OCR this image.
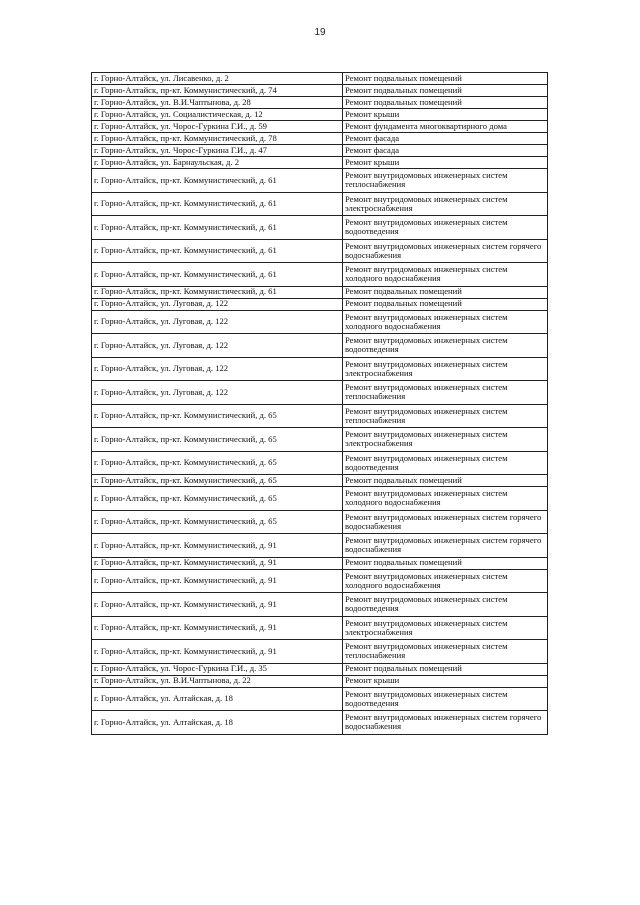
19
г. Горно-Алтайск, ул. Лисавенко, д. 2	Ремонт подвальных помещений
г. Горно-Алтайск, пр-кт. Коммунистический, д. 74	Ремонт подвальных помещений
г. Горно-Алтайск, ул. В.И.Чаптынова, д. 28	Ремонт подвальных помещений
г. Горно-Алтайск, ул. Социалистическая, д. 12	Ремонт крыши
г. Горно-Алтайск, ул. Чорос-Гуркина Г.И., д. 59	Ремонт фундамента многоквартирного дома
г. Горно-Алтайск, пр-кт. Коммунистический, д. 78	Ремонт фасада
г. Горно-Алтайск, ул. Чорос-Гуркина Г.И., д. 47	Ремонт фасада
г. Горно-Алтайск, ул. Барнаульская, д. 2	Ремонт крыши
г. Горно-Алтайск, пр-кт. Коммунистический, д. 61	Ремонт внутридомовых инженерных систем теплоснабжения
г. Горно-Алтайск, пр-кт. Коммунистический, д. 61	Ремонт внутридомовых инженерных систем электроснабжения
г. Горно-Алтайск, пр-кт. Коммунистический, д. 61	Ремонт внутридомовых инженерных систем водоотведения
г. Горно-Алтайск, пр-кт. Коммунистический, д. 61	Ремонт внутридомовых инженерных систем горячего водоснабжения
г. Горно-Алтайск, пр-кт. Коммунистический, д. 61	Ремонт внутридомовых инженерных систем холодного водоснабжения
г. Горно-Алтайск, пр-кт. Коммунистический, д. 61	Ремонт подвальных помещений
г. Горно-Алтайск, ул. Луговая, д. 122	Ремонт подвальных помещений
г. Горно-Алтайск, ул. Луговая, д. 122	Ремонт внутридомовых инженерных систем холодного водоснабжения
г. Горно-Алтайск, ул. Луговая, д. 122	Ремонт внутридомовых инженерных систем водоотведения
г. Горно-Алтайск, ул. Луговая, д. 122	Ремонт внутридомовых инженерных систем электроснабжения
г. Горно-Алтайск, ул. Луговая, д. 122	Ремонт внутридомовых инженерных систем теплоснабжения
г. Горно-Алтайск, пр-кт. Коммунистический, д. 65	Ремонт внутридомовых инженерных систем теплоснабжения
г. Горно-Алтайск, пр-кт. Коммунистический, д. 65	Ремонт внутридомовых инженерных систем электроснабжения
г. Горно-Алтайск, пр-кт. Коммунистический, д. 65	Ремонт внутридомовых инженерных систем водоотведения
г. Горно-Алтайск, пр-кт. Коммунистический, д. 65	Ремонт подвальных помещений
г. Горно-Алтайск, пр-кт. Коммунистический, д. 65	Ремонт внутридомовых инженерных систем холодного водоснабжения
г. Горно-Алтайск, пр-кт. Коммунистический, д. 65	Ремонт внутридомовых инженерных систем горячего водоснабжения
г. Горно-Алтайск, пр-кт. Коммунистический, д. 91	Ремонт внутридомовых инженерных систем горячего водоснабжения
г. Горно-Алтайск, пр-кт. Коммунистический, д. 91	Ремонт подвальных помещений
г. Горно-Алтайск, пр-кт. Коммунистический, д. 91	Ремонт внутридомовых инженерных систем холодного водоснабжения
г. Горно-Алтайск, пр-кт. Коммунистический, д. 91	Ремонт внутридомовых инженерных систем водоотведения
г. Горно-Алтайск, пр-кт. Коммунистический, д. 91	Ремонт внутридомовых инженерных систем электроснабжения
г. Горно-Алтайск, пр-кт. Коммунистический, д. 91	Ремонт внутридомовых инженерных систем теплоснабжения
г. Горно-Алтайск, ул. Чорос-Гуркина Г.И., д. 35	Ремонт подвальных помещений
г. Горно-Алтайск, ул. В.И.Чаптынова, д. 22	Ремонт крыши
г. Горно-Алтайск, ул. Алтайская, д. 18	Ремонт внутридомовых инженерных систем водоотведения
г. Горно-Алтайск, ул. Алтайская, д. 18	Ремонт внутридомовых инженерных систем горячего водоснабжения
